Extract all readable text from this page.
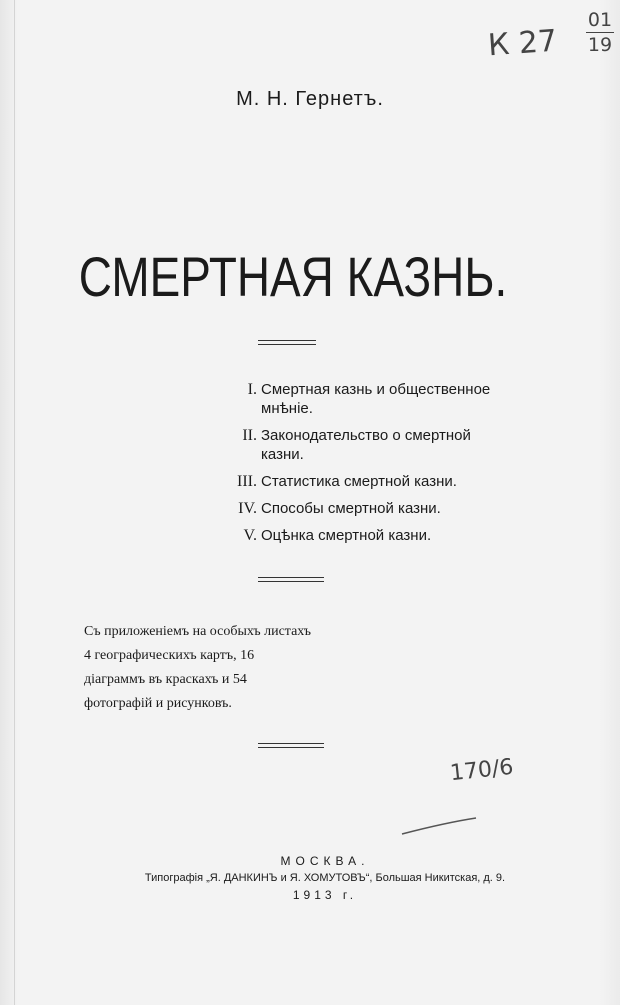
К 27
01
19
М. Н. Гернетъ.
СМЕРТНАЯ КАЗНЬ.
I. Смертная казнь и общественное мнѣніе.
II. Законодательство о смертной казни.
III. Статистика смертной казни.
IV. Способы смертной казни.
V. Оцѣнка смертной казни.
Съ приложеніемъ на особыхъ листахъ 4 географическихъ картъ, 16 діаграммъ въ краскахъ и 54 фотографій и рисунковъ.
170/6
МОСКВА.
Типографія „Я. ДАНКИНЪ и Я. ХОМУТОВЪ“, Большая Никитская, д. 9.
1913 г.
